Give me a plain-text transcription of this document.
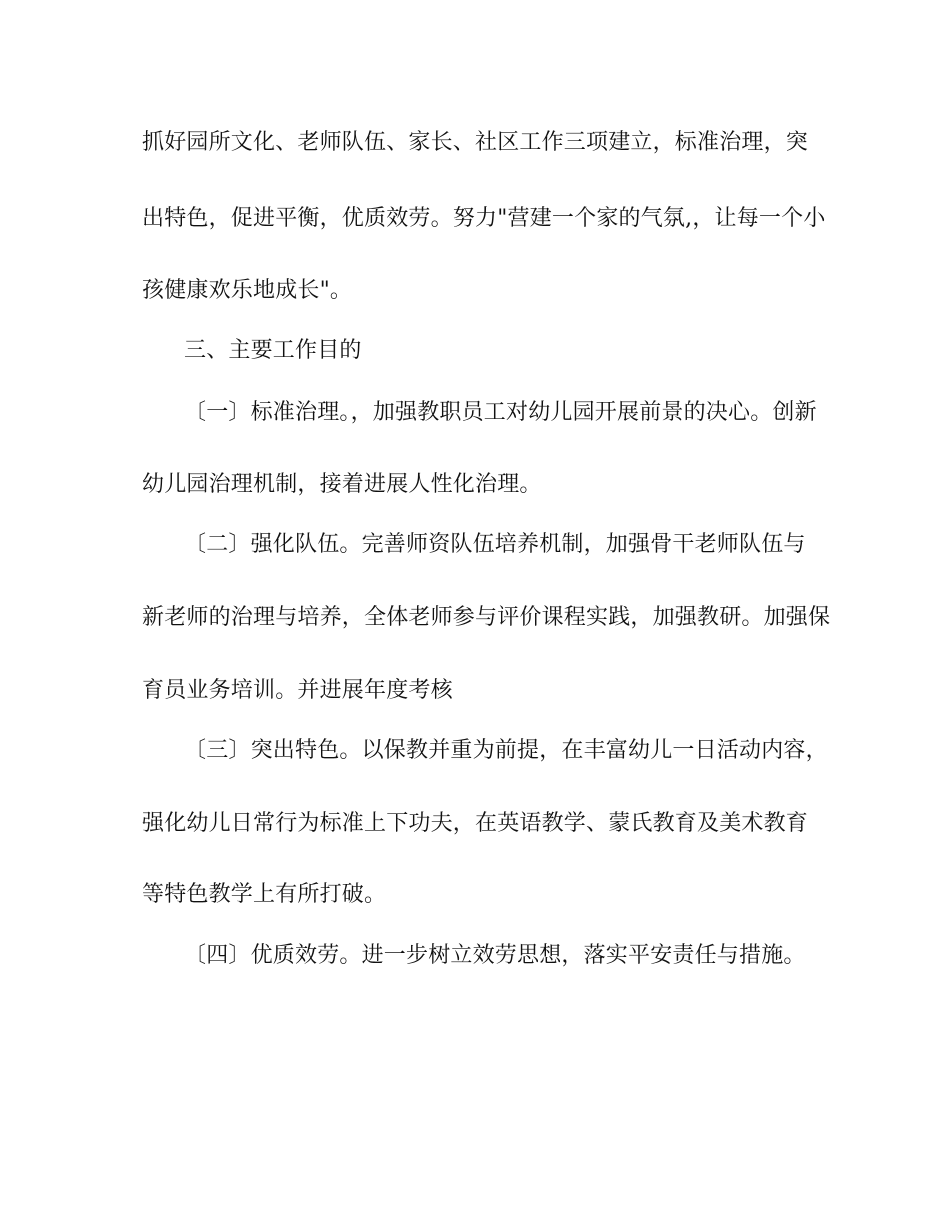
抓好园所文化、老师队伍、家长、社区工作三项建立，标准治理，突
出特色，促进平衡，优质效劳。努力"营建一个家的气氛,，让每一个小
孩健康欢乐地成长"。
三、主要工作目的
〔一〕标准治理。，加强教职员工对幼儿园开展前景的决心。创新
幼儿园治理机制，接着进展人性化治理。
〔二〕强化队伍。完善师资队伍培养机制，加强骨干老师队伍与
新老师的治理与培养，全体老师参与评价课程实践，加强教研。加强保
育员业务培训。并进展年度考核
〔三〕突出特色。以保教并重为前提，在丰富幼儿一日活动内容，
强化幼儿日常行为标准上下功夫，在英语教学、蒙氏教育及美术教育
等特色教学上有所打破。
〔四〕优质效劳。进一步树立效劳思想，落实平安责任与措施。
